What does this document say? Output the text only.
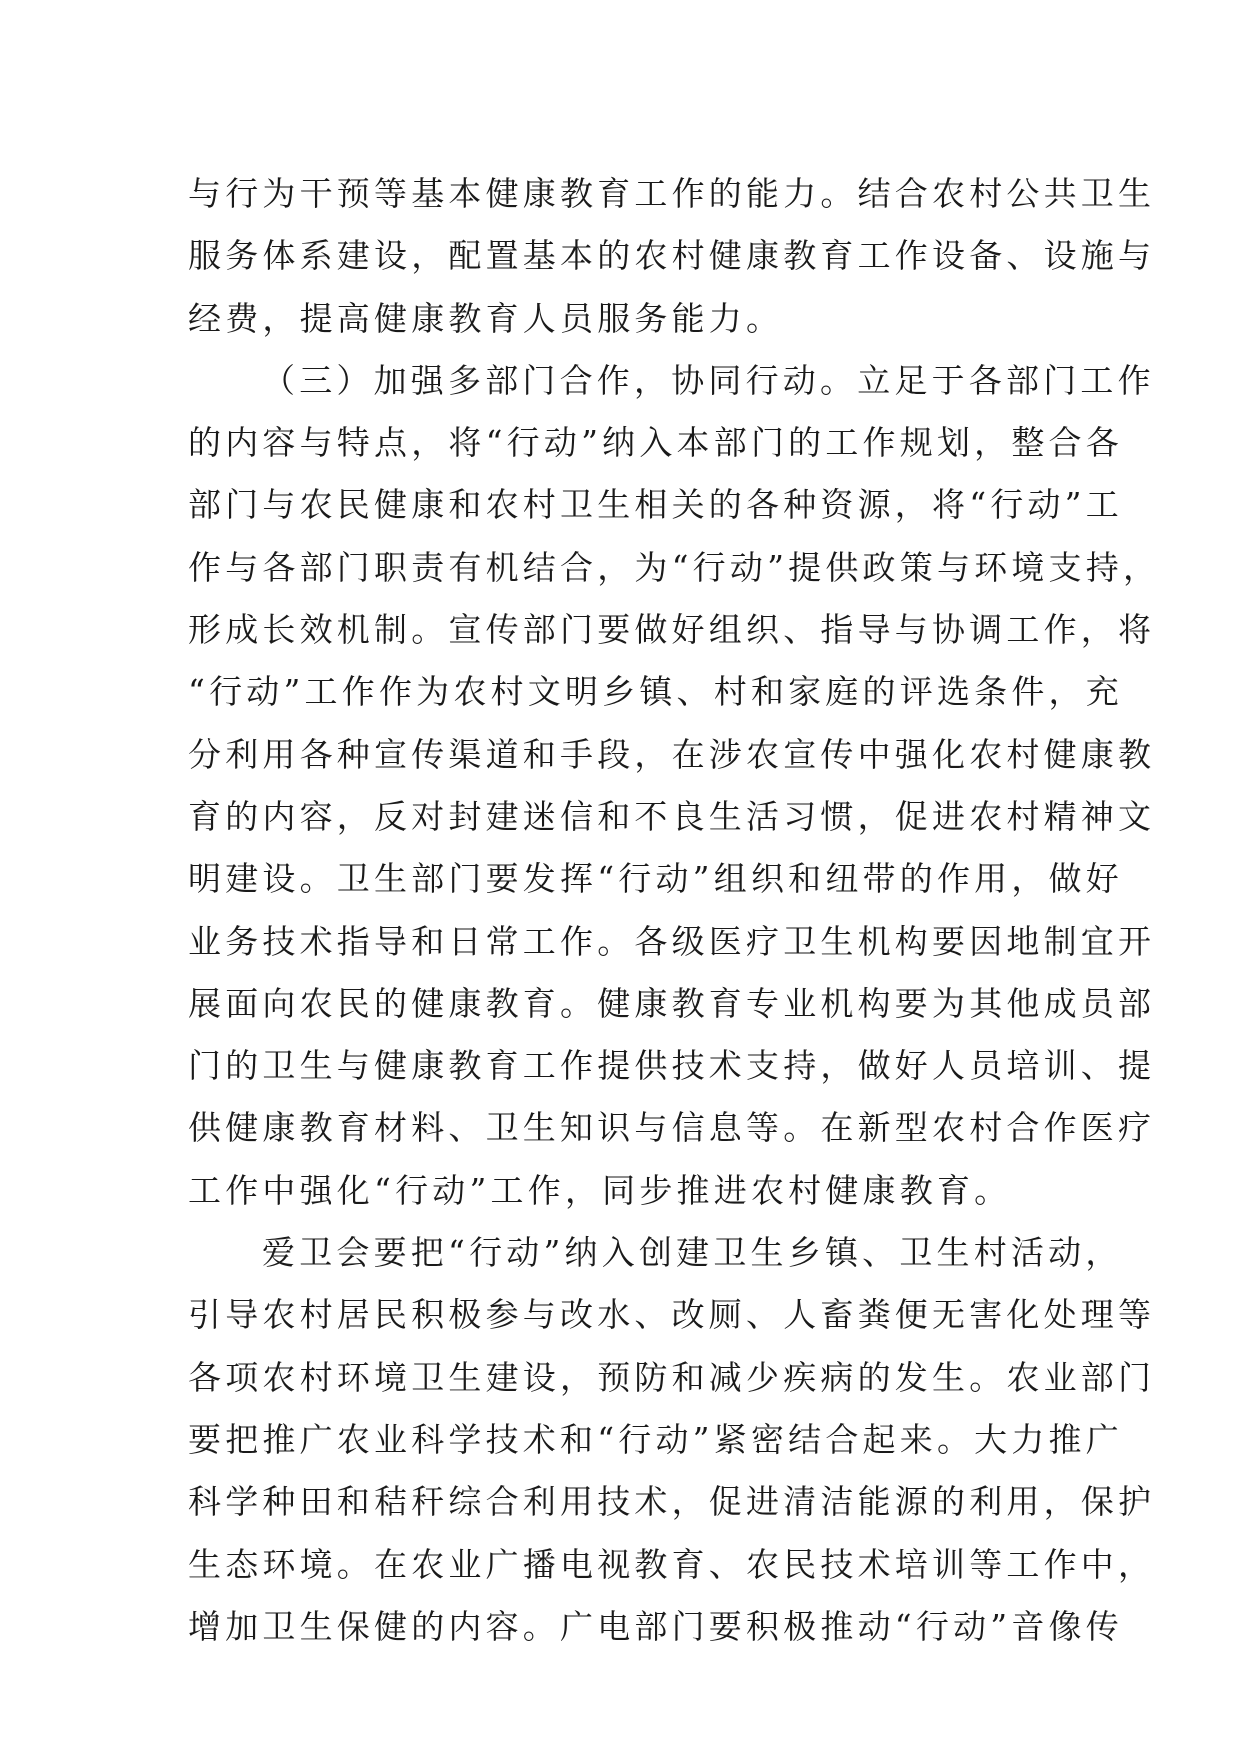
与行为干预等基本健康教育工作的能力。结合农村公共卫生
服务体系建设，配置基本的农村健康教育工作设备、设施与
经费，提高健康教育人员服务能力。
（三）加强多部门合作，协同行动。立足于各部门工作
的内容与特点，将“行动”纳入本部门的工作规划，整合各
部门与农民健康和农村卫生相关的各种资源，将“行动”工
作与各部门职责有机结合，为“行动”提供政策与环境支持，
形成长效机制。宣传部门要做好组织、指导与协调工作，将
“行动”工作作为农村文明乡镇、村和家庭的评选条件，充
分利用各种宣传渠道和手段，在涉农宣传中强化农村健康教
育的内容，反对封建迷信和不良生活习惯，促进农村精神文
明建设。卫生部门要发挥“行动”组织和纽带的作用，做好
业务技术指导和日常工作。各级医疗卫生机构要因地制宜开
展面向农民的健康教育。健康教育专业机构要为其他成员部
门的卫生与健康教育工作提供技术支持，做好人员培训、提
供健康教育材料、卫生知识与信息等。在新型农村合作医疗
工作中强化“行动”工作，同步推进农村健康教育。
爱卫会要把“行动”纳入创建卫生乡镇、卫生村活动，
引导农村居民积极参与改水、改厕、人畜粪便无害化处理等
各项农村环境卫生建设，预防和减少疾病的发生。农业部门
要把推广农业科学技术和“行动”紧密结合起来。大力推广
科学种田和秸秆综合利用技术，促进清洁能源的利用，保护
生态环境。在农业广播电视教育、农民技术培训等工作中，
增加卫生保健的内容。广电部门要积极推动“行动”音像传
